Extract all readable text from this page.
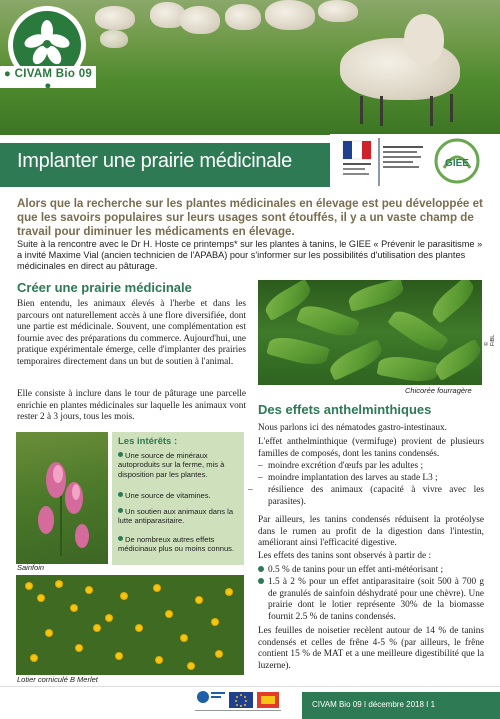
● CIVAM Bio 09 ●
Implanter une prairie médicinale	GIEE
Alors que la recherche sur les plantes médicinales en élevage est peu développée et que les savoirs populaires sur leurs usages sont étouffés, il y a un vaste champ de travail pour diminuer les médicaments en élevage.
Suite à la rencontre avec le Dr H. Hoste ce printemps* sur les plantes à tanins, le GIEE « Prévenir le parasitisme » a invité Maxime Vial (ancien technicien de l'APABA) pour s'informer sur les possibilités d'utilisation des plantes médicinales en direct au pâturage.
Créer une prairie médicinale
Bien entendu, les animaux élevés à l'herbe et dans les parcours ont naturellement accès à une flore diversifiée, dont une partie est médicinale. Souvent, une complémentation est fournie avec des préparations du commerce. Aujourd'hui, une pratique expérimentale émerge, celle d'implanter des prairies temporaires directement dans un but de soutien à l'animal.
Elle consiste à inclure dans le tour de pâturage une parcelle enrichie en plantes médicinales sur laquelle les animaux vont rester 2 à 3 jours, tous les mois.
Sainfoin
Les intérêts :
Une source de minéraux autoproduits sur la ferme, mis à disposition par les plantes.
Une source de vitamines.
Un soutien aux animaux dans la lutte antiparasitaire.
De nombreux autres effets médicinaux plus ou moins connus.
Lotier corniculé B Merlet
© FiBL
Chicorée fourragère
Des effets anthelminthiques
Nous parlons ici des nématodes gastro-intestinaux.
L'effet anthelminthique (vermifuge) provient de plusieurs familles de composés, dont les tanins condensés.
– moindre excrétion d'œufs par les adultes ;
– moindre implantation des larves au stade L3 ;
– résilience des animaux (capacité à vivre avec les parasites).
Par ailleurs, les tanins condensés réduisent la protéolyse dans le rumen au profit de la digestion dans l'intestin, améliorant ainsi l'efficacité digestive.
Les effets des tanins sont observés à partir de :
0.5 % de tanins pour un effet anti-météorisant ;
1.5 à 2 % pour un effet antiparasitaire (soit 500 à 700 g de granulés de sainfoin déshydraté pour une chèvre). Une prairie dont le lotier représente 30% de la biomasse fournit 2.5 % de tanins condensés.
Les feuilles de noisetier recèlent autour de 14 % de tanins condensés et celles de frêne 4-5 % (par ailleurs, le frêne contient 15 % de MAT et a une meilleure digestibilité que la luzerne).
CIVAM Bio 09 I décembre 2018 I 1
